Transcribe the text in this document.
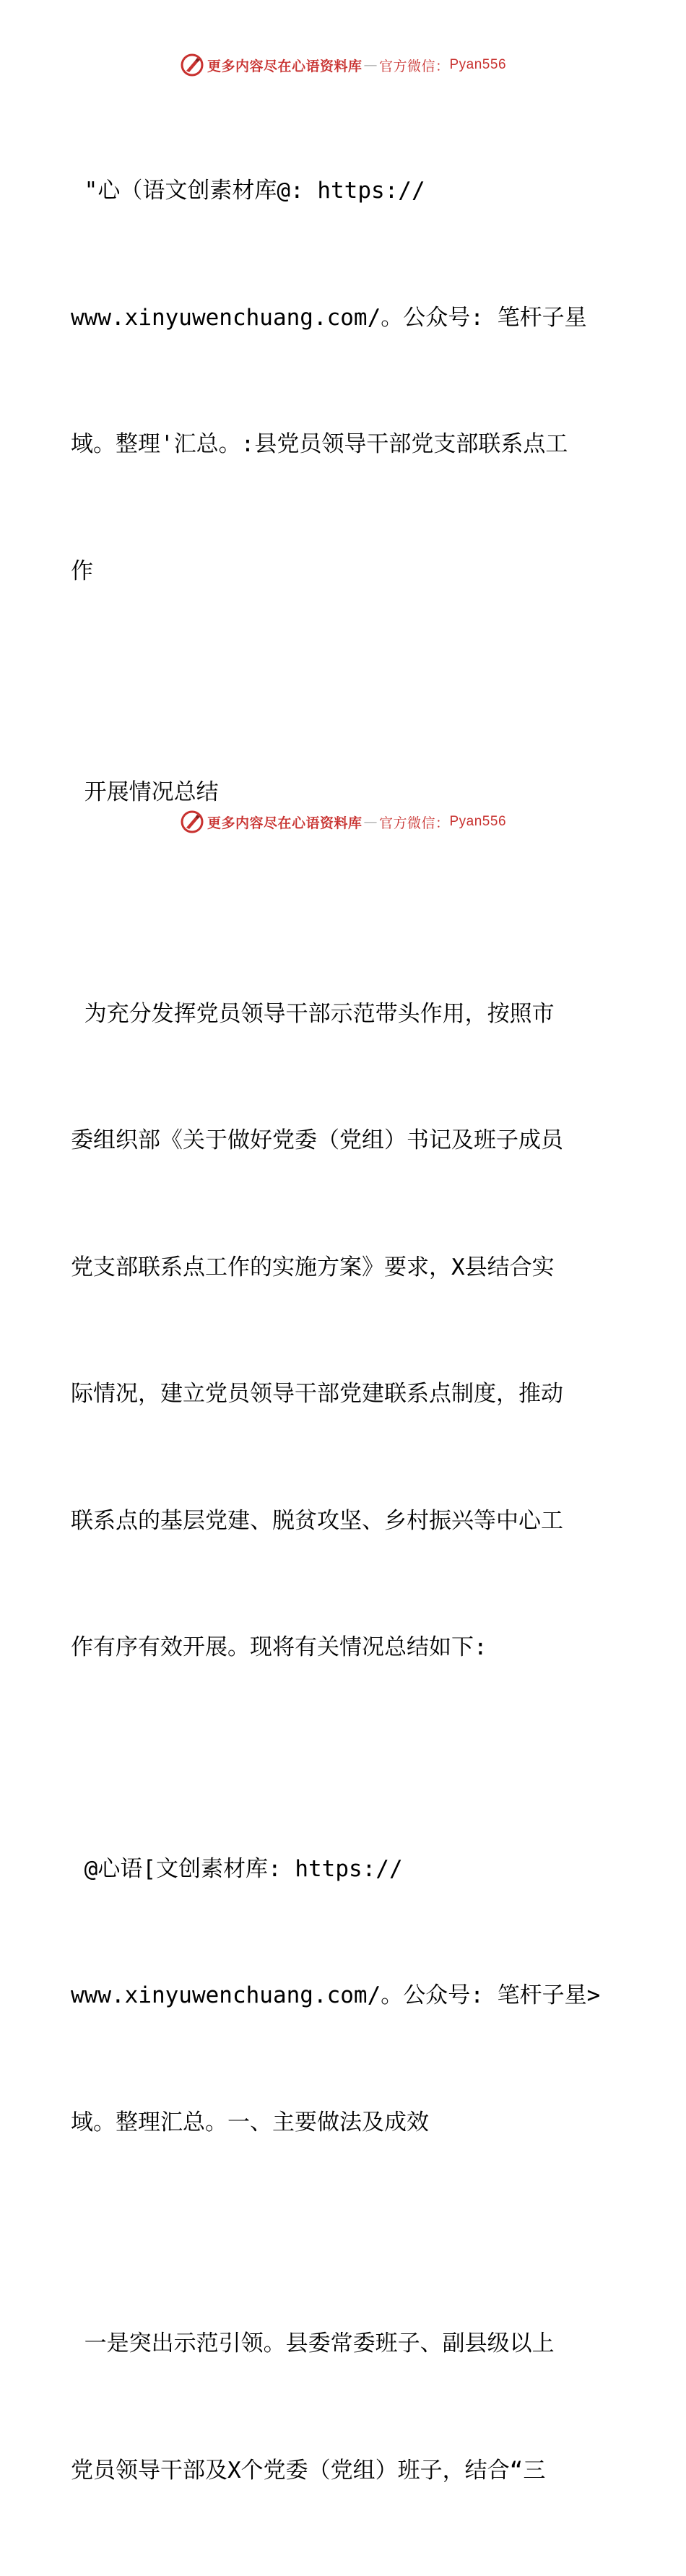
更多内容尽在心语资料库 — 官方微信： Pyan556

"心（语文创素材库@: https://

www.xinyuwenchuang.com/。公众号: 笔杆子星

域。整理'汇总。:县党员领导干部党支部联系点工

作

开展情况总结

为充分发挥党员领导干部示范带头作用，按照市

委组织部《关于做好党委（党组）书记及班子成员

党支部联系点工作的实施方案》要求，X县结合实

际情况，建立党员领导干部党建联系点制度，推动

联系点的基层党建、脱贫攻坚、乡村振兴等中心工

作有序有效开展。现将有关情况总结如下:

@心语[文创素材库: https://

www.xinyuwenchuang.com/。公众号: 笔杆子星>

域。整理汇总。一、主要做法及成效

一是突出示范引领。县委常委班子、副县级以上

党员领导干部及X个党委（党组）班子，结合“三

更多内容尽在心语资料库 — 官方微信： Pyan556
